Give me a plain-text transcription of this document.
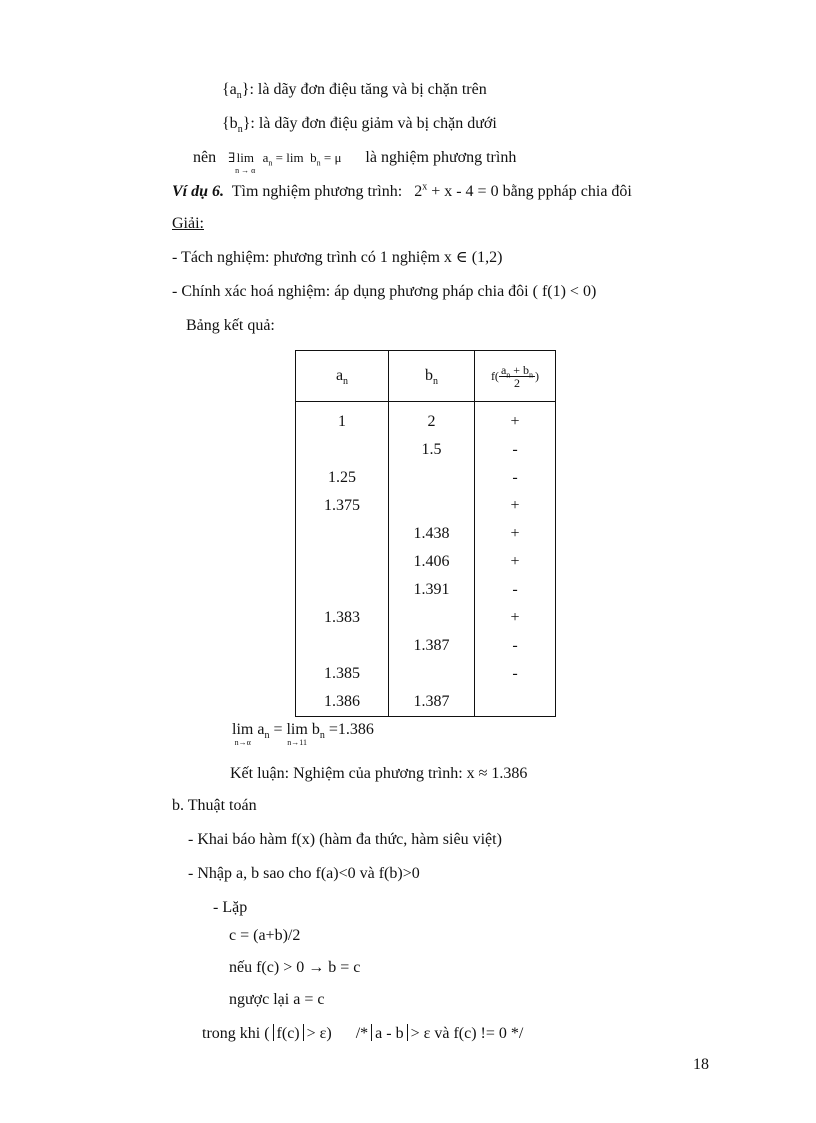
$\{a_n\}$: là dãy đơn điệu tăng và bị chặn trên
$\{b_n\}$: là dãy đơn điệu giảm và bị chặn dưới
nên ∃lim
n → α
$a_n = \lim b_n = \mu$ là nghiệm phương trình
Ví dụ 6. Tìm nghiệm phương trình: $2^x + x - 4 = 0$ bằng ppháp chia đôi
Giải:
- Tách nghiệm: phương trình có 1 nghiệm x ∈ (1,2)
- Chính xác hoá nghiệm: áp dụng phương pháp chia đôi ( f(1) < 0)
Bảng kết quả:
$a_n$	$b_n$	$f( \frac{a_n + b_n}{2}$ )
1	2	+
	1.5	-
1.25		-
1.375		+
	1.438	+
	1.406	+
	1.391	-
1.383		+
	1.387	-
1.385		-
1.386	1.387	
lim
n→α
$a_n = \lim$
n→11
$b_n =1.386$
Kết luận: Nghiệm của phương trình: x ≈ 1.386
b. Thuật toán
- Khai báo hàm f(x) (hàm đa thức, hàm siêu việt)
- Nhập a, b sao cho f(a)<0 và f(b)>0
- Lặp
c = (a+b)/2
nếu f(c) > 0 → b = c
ngược lại a = c
trong khi ( f(c) > ε) /* a - b > ε và f(c) != 0 */
18
